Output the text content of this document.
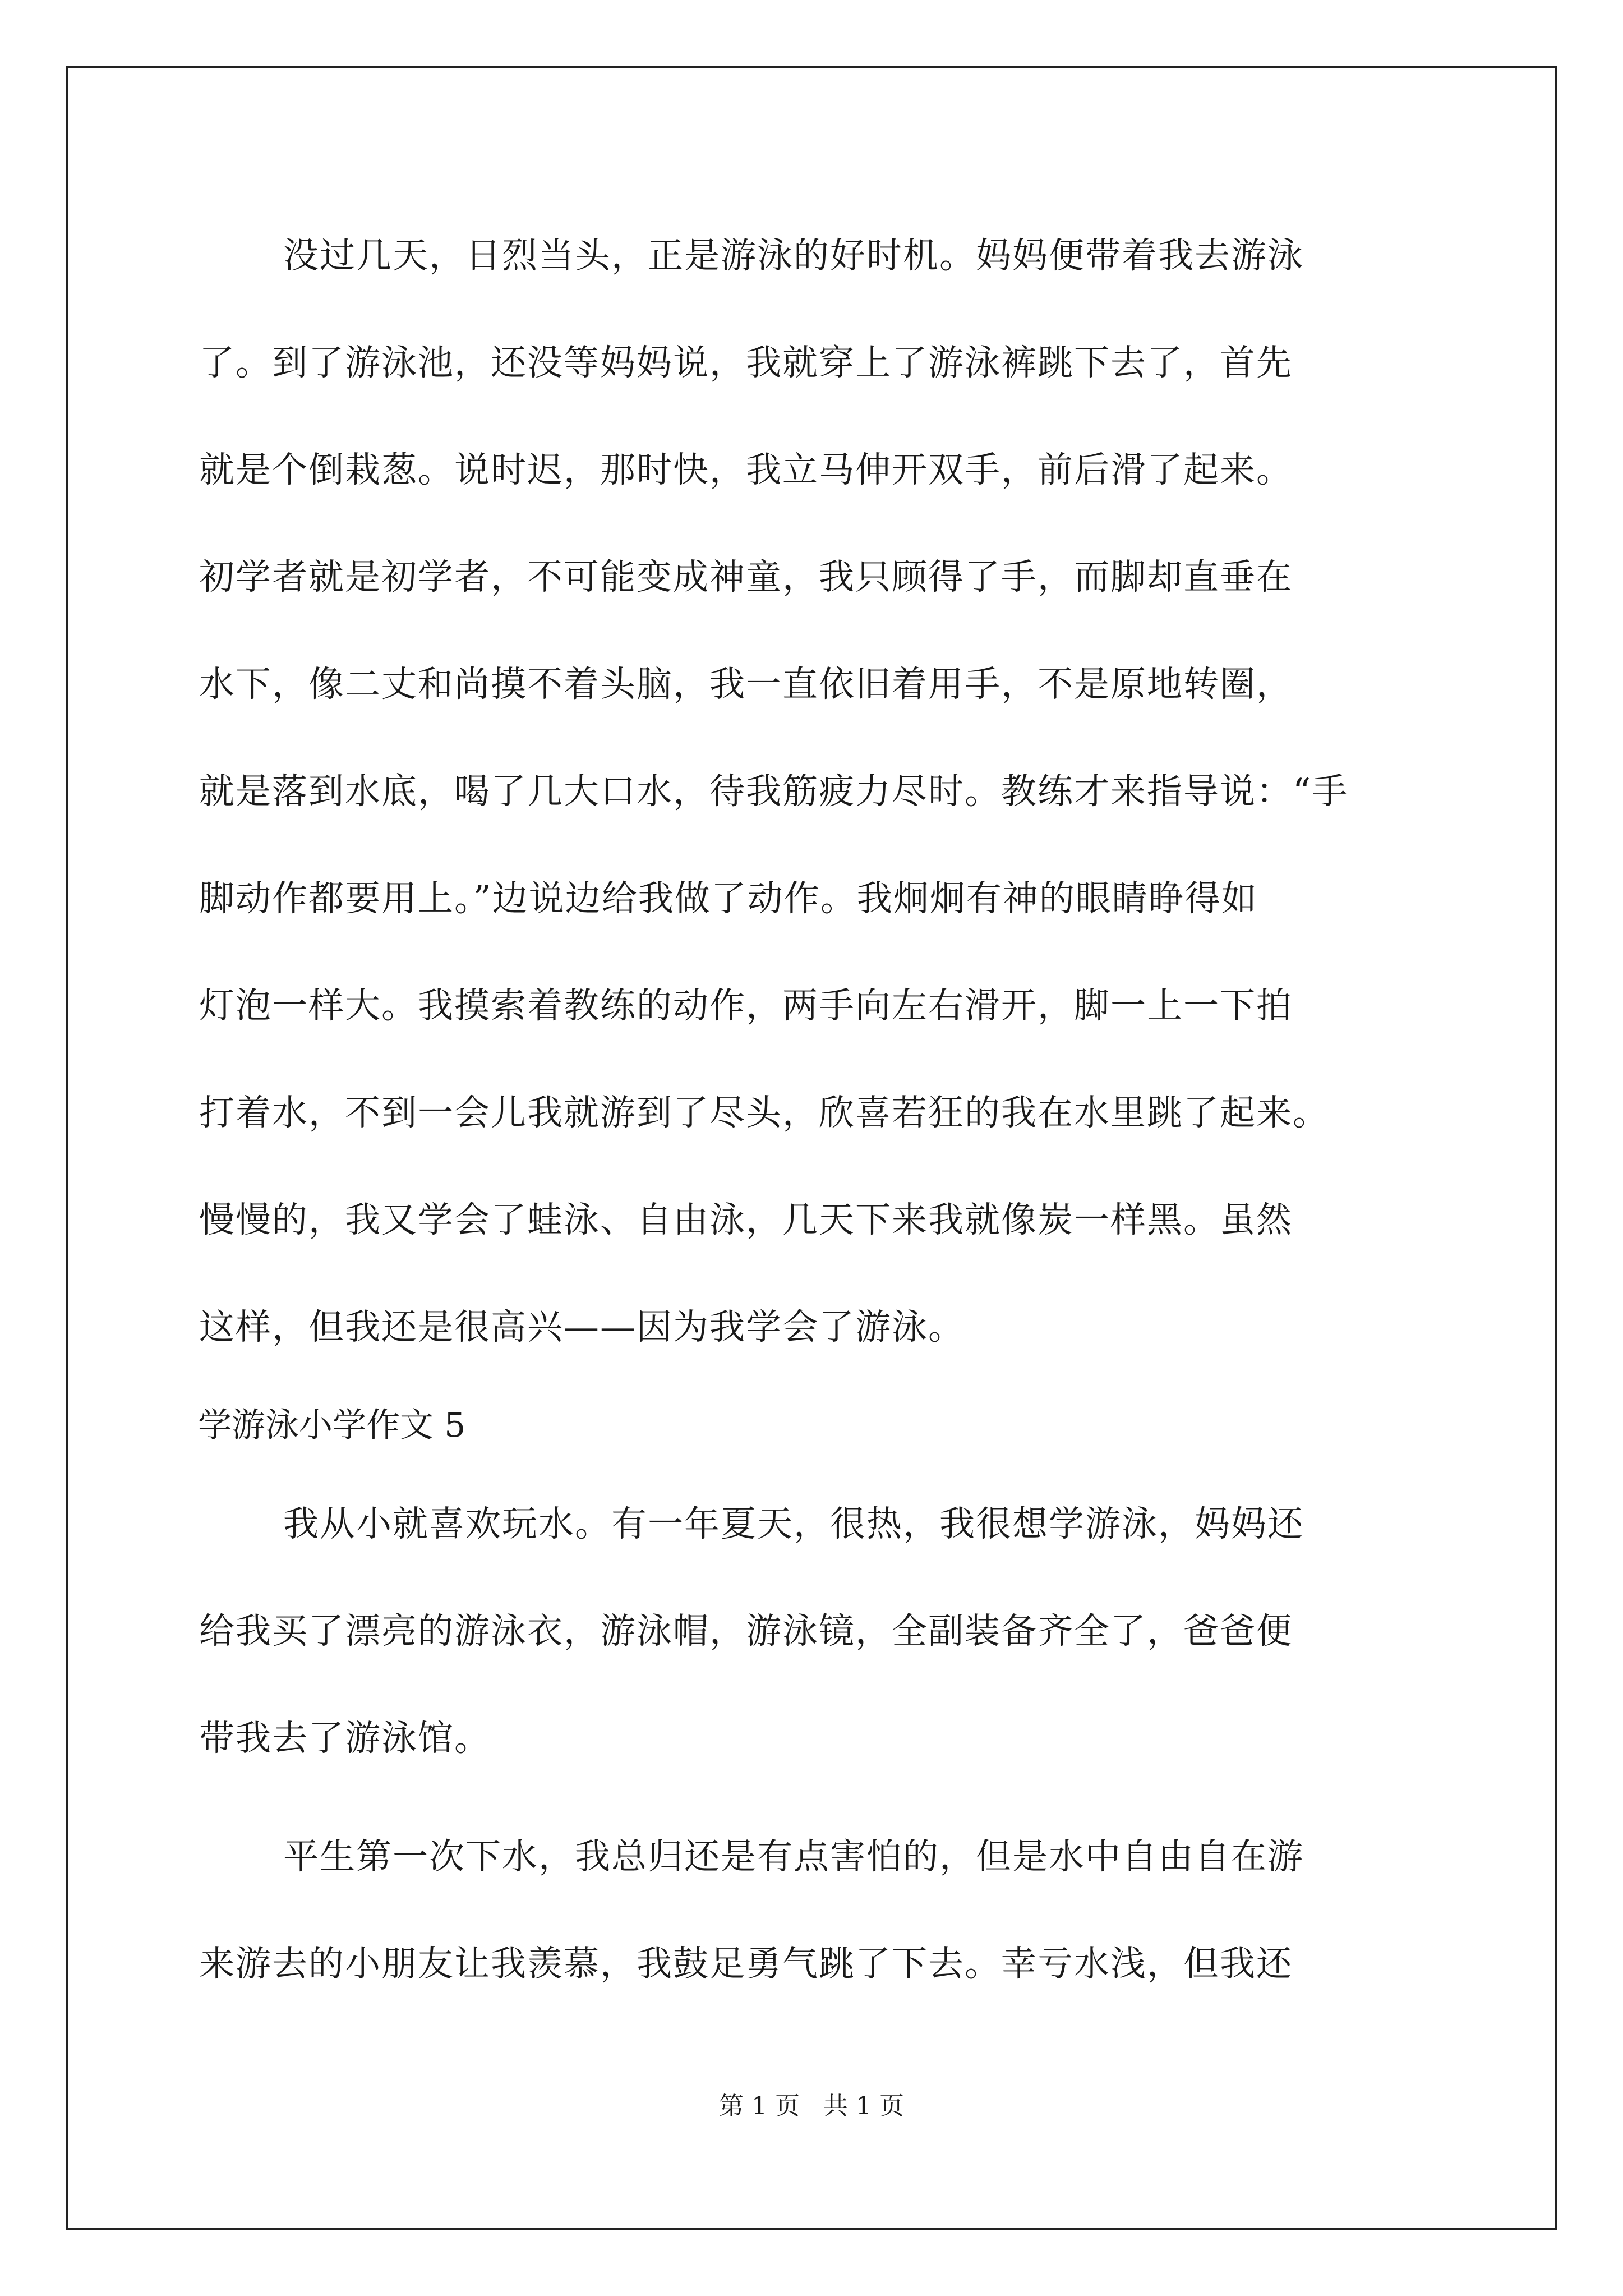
没过几天，日烈当头，正是游泳的好时机。妈妈便带着我去游泳
了。到了游泳池，还没等妈妈说，我就穿上了游泳裤跳下去了，首先
就是个倒栽葱。说时迟，那时快，我立马伸开双手，前后滑了起来。
初学者就是初学者，不可能变成神童，我只顾得了手，而脚却直垂在
水下，像二丈和尚摸不着头脑，我一直依旧着用手，不是原地转圈，
就是落到水底，喝了几大口水，待我筋疲力尽时。教练才来指导说：“手
脚动作都要用上。”边说边给我做了动作。我炯炯有神的眼睛睁得如
灯泡一样大。我摸索着教练的动作，两手向左右滑开，脚一上一下拍
打着水，不到一会儿我就游到了尽头，欣喜若狂的我在水里跳了起来。
慢慢的，我又学会了蛙泳、自由泳，几天下来我就像炭一样黑。虽然
这样，但我还是很高兴——因为我学会了游泳。
学游泳小学作文 5
我从小就喜欢玩水。有一年夏天，很热，我很想学游泳，妈妈还
给我买了漂亮的游泳衣，游泳帽，游泳镜，全副装备齐全了，爸爸便
带我去了游泳馆。
平生第一次下水，我总归还是有点害怕的，但是水中自由自在游
来游去的小朋友让我羡慕，我鼓足勇气跳了下去。幸亏水浅，但我还
第 1 页   共 1 页
